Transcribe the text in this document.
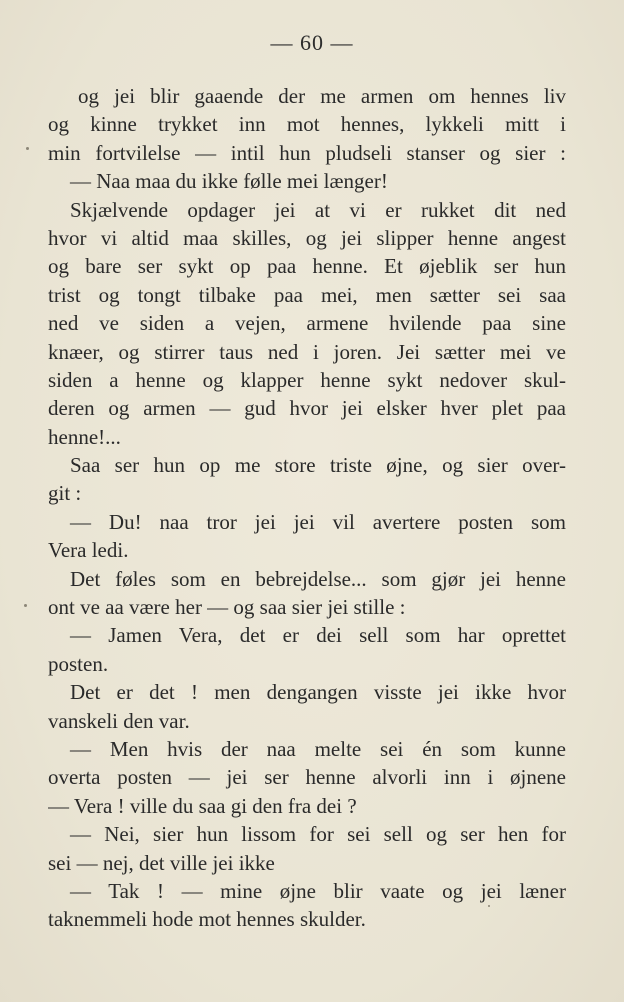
— 60 —
og jei blir gaaende der me armen om hennes liv
og kinne trykket inn mot hennes, lykkeli mitt i
min fortvilelse — intil hun pludseli stanser og sier :
— Naa maa du ikke følle mei længer!
Skjælvende opdager jei at vi er rukket dit ned
hvor vi altid maa skilles, og jei slipper henne angest
og bare ser sykt op paa henne. Et øjeblik ser hun
trist og tongt tilbake paa mei, men sætter sei saa
ned ve siden a vejen, armene hvilende paa sine
knæer, og stirrer taus ned i joren. Jei sætter mei ve
siden a henne og klapper henne sykt nedover skul-
deren og armen — gud hvor jei elsker hver plet paa
henne!...
Saa ser hun op me store triste øjne, og sier over-
git :
— Du! naa tror jei jei vil avertere posten som
Vera ledi.
Det føles som en bebrejdelse... som gjør jei henne
ont ve aa være her — og saa sier jei stille :
— Jamen Vera, det er dei sell som har oprettet
posten.
Det er det ! men dengangen visste jei ikke hvor
vanskeli den var.
— Men hvis der naa melte sei én som kunne
overta posten — jei ser henne alvorli inn i øjnene
— Vera ! ville du saa gi den fra dei ?
— Nei, sier hun lissom for sei sell og ser hen for
sei — nej, det ville jei ikke
— Tak ! — mine øjne blir vaate og jei læner
taknemmeli hode mot hennes skulder.
